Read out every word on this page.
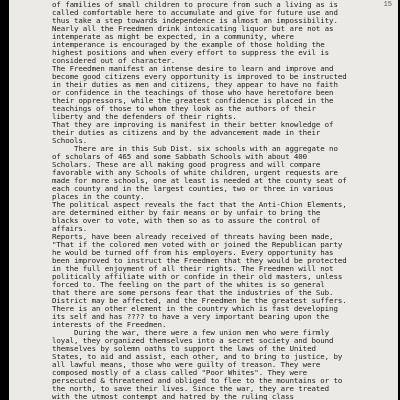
15
of families of small children to procure from such a living as is
called comfortable here to accumulate and give for future use and
thus take a step towards independence is almost an impossibility.
Nearly all the Freedmen drink intoxicating liquor but are not as
intemperate as might be expected, in a community, where
intemperance is encouraged by the example of those holding the
highest positions and when every effort to suppress the evil is
considered out of character.
The Freedmen manifest an intense desire to learn and improve and
become good citizens every opportunity is improved to be instructed
in their duties as men and citizens, they appear to have no faith
or confidence in the teachings of those who have heretofore been
their oppressors, while the greatest confidence is placed in the
teachings of those to whom they look as the authors of their
liberty and the defenders of their rights.
That they are improving is manifest in their better knowledge of
their duties as citizens and by the advancement made in their
Schools.
There are in this Sub Dist. six schools with an aggregate no
of scholars of 465 and some Sabbath Schools with about 400
Scholars. These are all making good progress and will compare
favorable with any Schools of white children, urgent requests are
made for more schools, one at least is needed at the county seat of
each county and in the largest counties, two or three in various
places in the county.
The political aspect reveals the fact that the Anti-Chion Elements,
are determined either by fair means or by unfair to bring the
blacks over to vote, with them so as to assure the control of
affairs.
Reports, have been already received of threats having been made,
"That if the colored men voted with or joined the Republican party
he would be turned off from his employers. Every opportunity has
been improved to instruct the Freedmen that they would be protected
in the full enjoyment of all their rights. The Freedmen will not
politically affiliate with or confide in their old masters, unless
forced to. The feeling on the part of the whites is so general
that there are some persons fear that the industries of the Sub.
District may be affected, and the Freedmen be the greatest suffers.
There is an other element in the country which is fast developing
its self and has ???? to have a very important bearing upon the
interests of the Freedmen.
During the war, there were a few union men who were firmly
loyal, they organized themselves into a secret society and bound
themselves by solemn oaths to support the laws of the United
States, to aid and assist, each other, and to bring to justice, by
all lawful means, those who were guilty of treason. They were
composed mostly of a class called "Poor Whites". They were
persecuted & threatened and obliged to flee to the mountains or to
the north, to save their lives. Since the war, they are treated
with the utmost contempt and hatred by the ruling class
